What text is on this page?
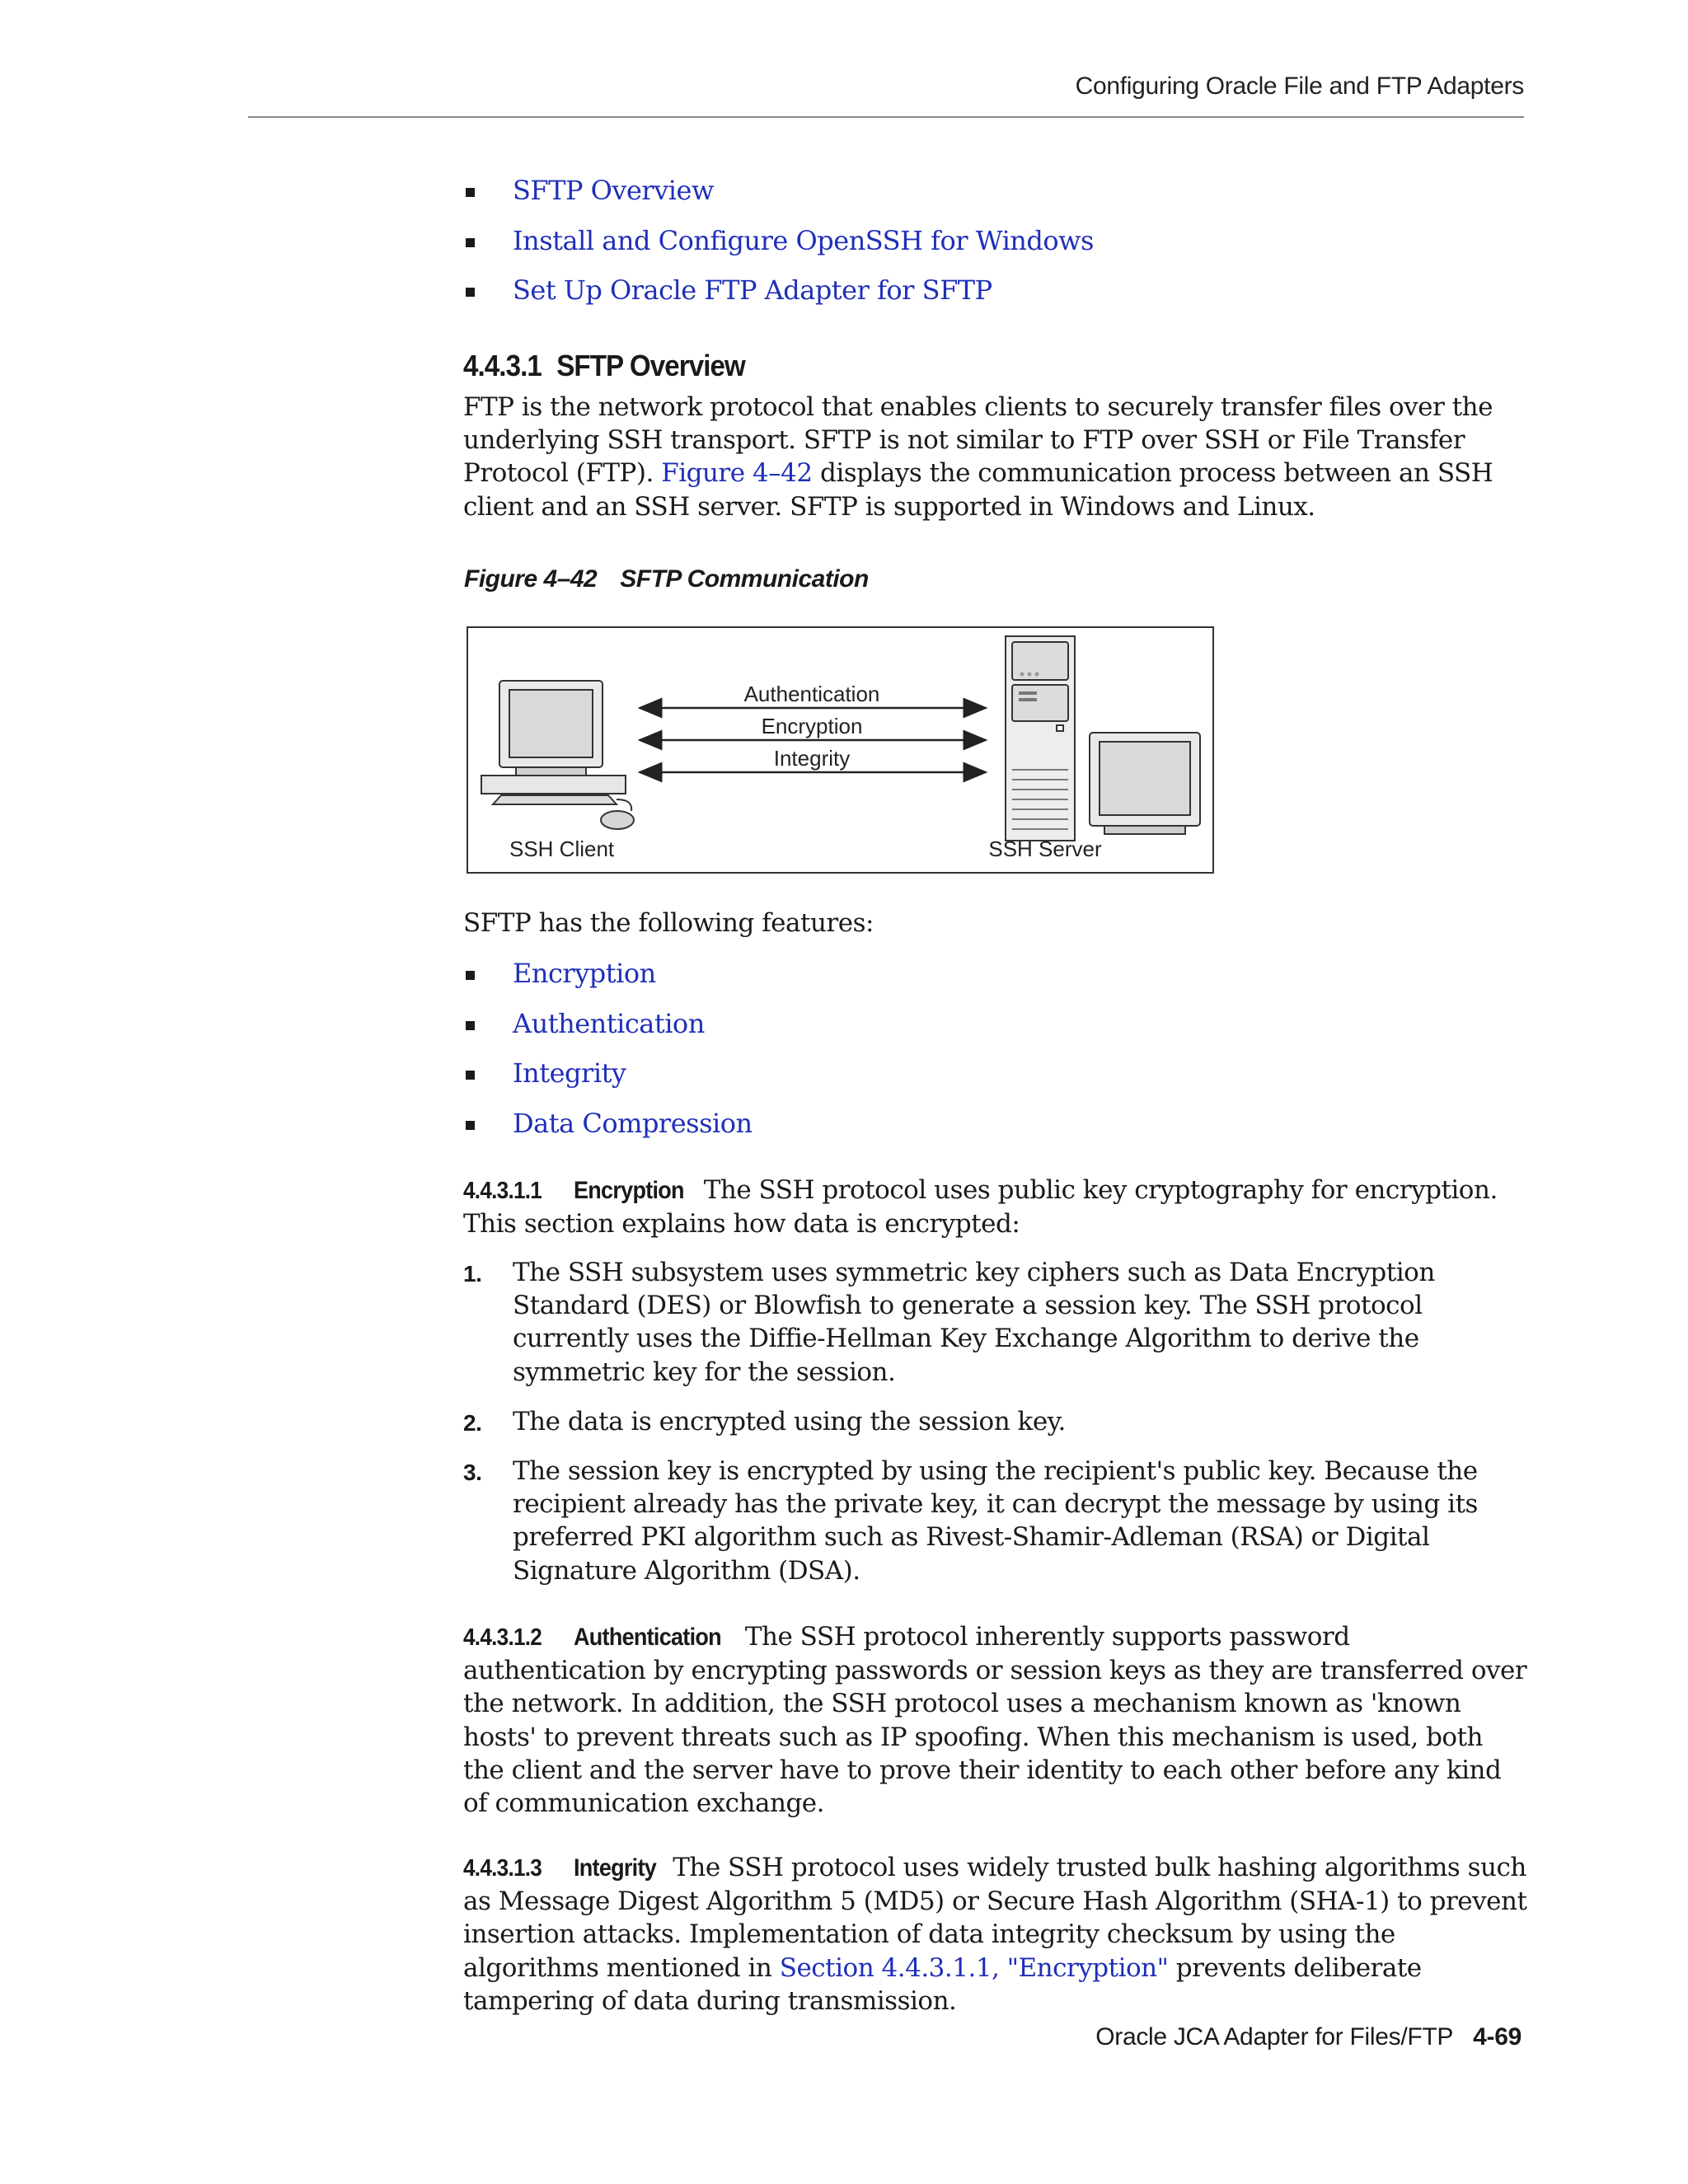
Configuring Oracle File and FTP Adapters
SFTP Overview
Install and Configure OpenSSH for Windows
Set Up Oracle FTP Adapter for SFTP
4.4.3.1 SFTP Overview
FTP is the network protocol that enables clients to securely transfer files over the underlying SSH transport. SFTP is not similar to FTP over SSH or File Transfer Protocol (FTP). Figure 4–42 displays the communication process between an SSH client and an SSH server. SFTP is supported in Windows and Linux.
Figure 4–42 SFTP Communication
Authentication
Encryption
Integrity
SSH Client	SSH Server
SFTP has the following features:
Encryption
Authentication
Integrity
Data Compression
4.4.3.1.1 Encryption The SSH protocol uses public key cryptography for encryption. This section explains how data is encrypted:
1. The SSH subsystem uses symmetric key ciphers such as Data Encryption Standard (DES) or Blowfish to generate a session key. The SSH protocol currently uses the Diffie-Hellman Key Exchange Algorithm to derive the symmetric key for the session.
2. The data is encrypted using the session key.
3. The session key is encrypted by using the recipient's public key. Because the recipient already has the private key, it can decrypt the message by using its preferred PKI algorithm such as Rivest-Shamir-Adleman (RSA) or Digital Signature Algorithm (DSA).
4.4.3.1.2 Authentication The SSH protocol inherently supports password authentication by encrypting passwords or session keys as they are transferred over the network. In addition, the SSH protocol uses a mechanism known as 'known hosts' to prevent threats such as IP spoofing. When this mechanism is used, both the client and the server have to prove their identity to each other before any kind of communication exchange.
4.4.3.1.3 Integrity The SSH protocol uses widely trusted bulk hashing algorithms such as Message Digest Algorithm 5 (MD5) or Secure Hash Algorithm (SHA-1) to prevent insertion attacks. Implementation of data integrity checksum by using the algorithms mentioned in Section 4.4.3.1.1, "Encryption" prevents deliberate tampering of data during transmission.
Oracle JCA Adapter for Files/FTP 4-69
